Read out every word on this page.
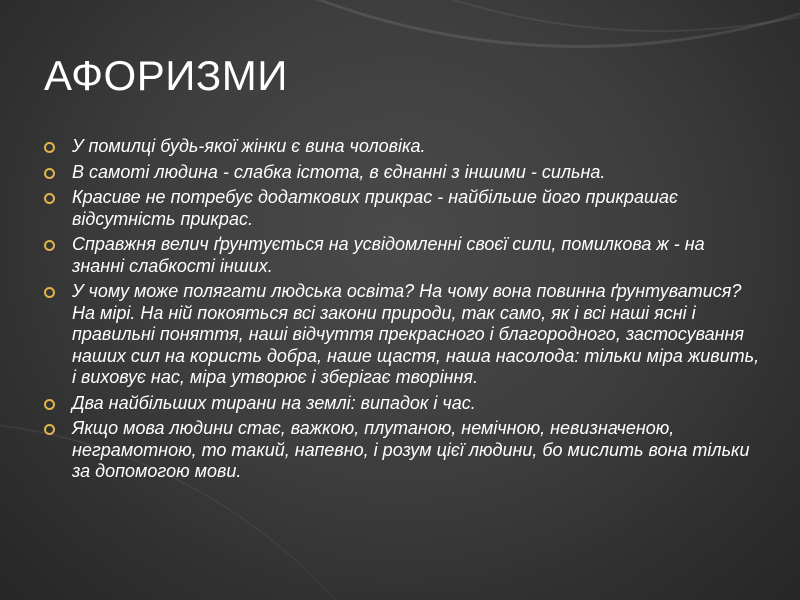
АФОРИЗМИ
У помилці будь-якої жінки є вина чоловіка.
В самоті людина - слабка істота, в єднанні з іншими - сильна.
Красиве не потребує додаткових прикрас - найбільше його прикрашає відсутність прикрас.
Справжня велич ґрунтується на усвідомленні своєї сили, помилкова ж - на знанні слабкості інших.
У чому може полягати людська освіта? На чому вона повинна ґрунтуватися? На мірі. На ній покояться всі закони природи, так само, як і всі наші ясні і правильні поняття, наші відчуття прекрасного і благородного, застосування наших сил на користь добра, наше щастя, наша насолода: тільки міра живить, і виховує нас, міра утворює і зберігає творіння.
Два найбільших тирани на землі: випадок і час.
Якщо мова людини стає, важкою, плутаною, немічною, невизначеною, неграмотною, то такий, напевно, і розум цієї людини, бо мислить вона тільки за допомогою мови.
